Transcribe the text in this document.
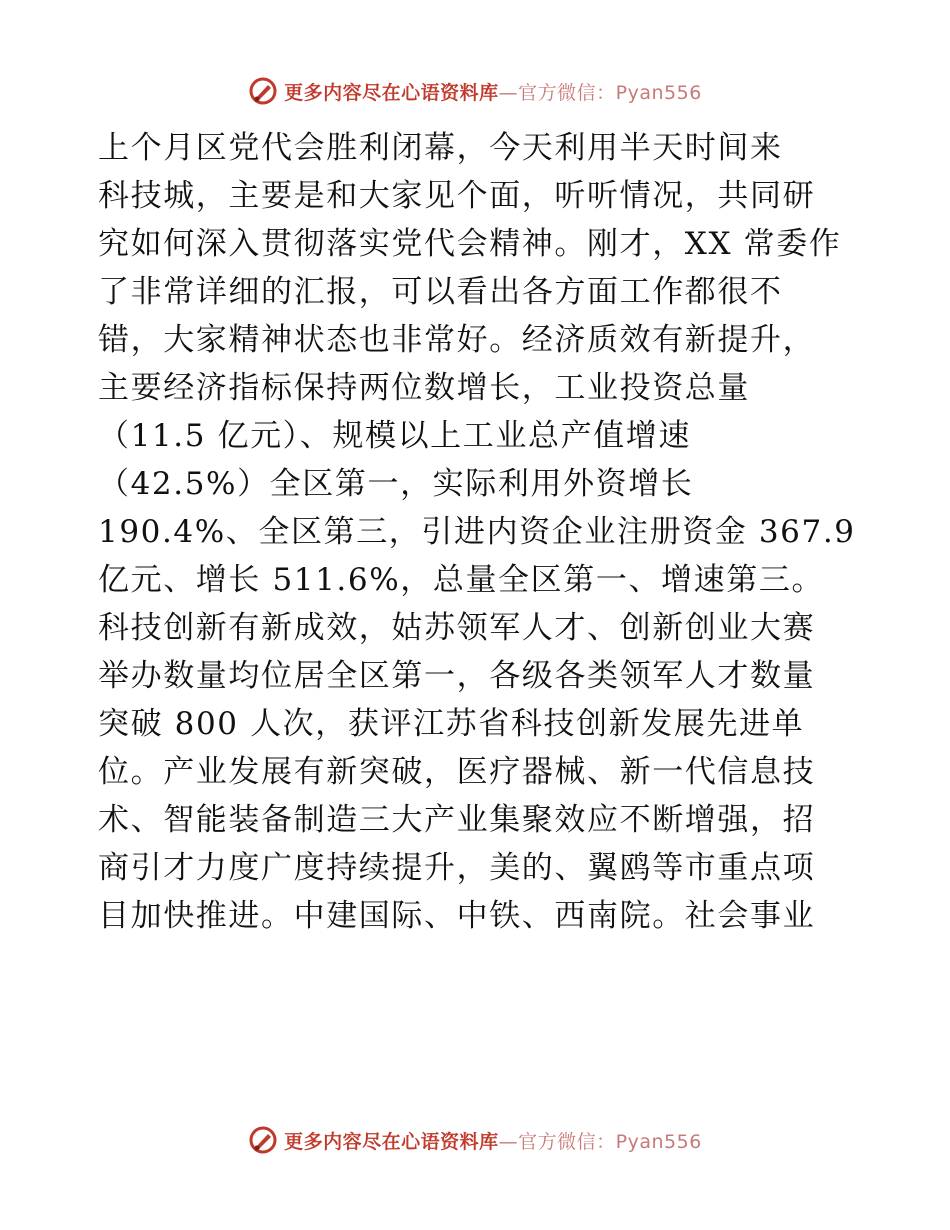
更多内容尽在心语资料库—官方微信：Pyan556
上个月区党代会胜利闭幕，今天利用半天时间来
科技城，主要是和大家见个面，听听情况，共同研
究如何深入贯彻落实党代会精神。刚才，XX 常委作
了非常详细的汇报，可以看出各方面工作都很不
错，大家精神状态也非常好。经济质效有新提升，
主要经济指标保持两位数增长，工业投资总量
（11.5 亿元）、规模以上工业总产值增速
（42.5%）全区第一，实际利用外资增长
190.4%、全区第三，引进内资企业注册资金 367.9
亿元、增长 511.6%，总量全区第一、增速第三。
科技创新有新成效，姑苏领军人才、创新创业大赛
举办数量均位居全区第一，各级各类领军人才数量
突破 800 人次，获评江苏省科技创新发展先进单
位。产业发展有新突破，医疗器械、新一代信息技
术、智能装备制造三大产业集聚效应不断增强，招
商引才力度广度持续提升，美的、翼鸥等市重点项
目加快推进。中建国际、中铁、西南院。社会事业
更多内容尽在心语资料库—官方微信：Pyan556
